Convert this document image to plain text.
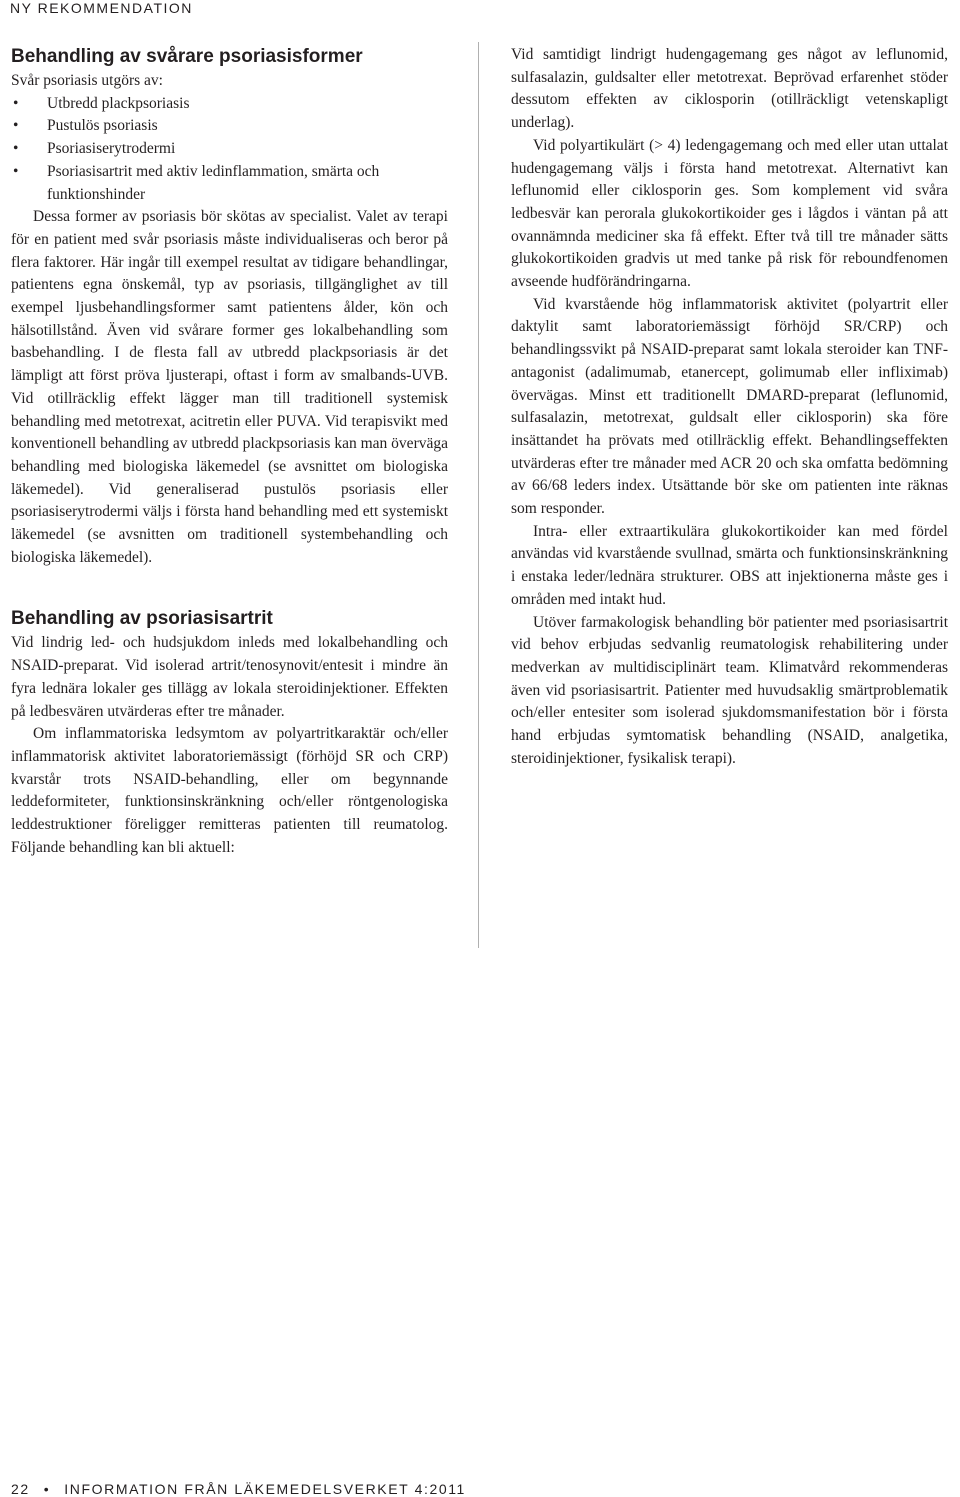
NY REKOMMENDATION
Behandling av svårare psoriasisformer

Svår psoriasis utgörs av:

• Utbredd plackpsoriasis
• Pustulös psoriasis
• Psoriasiserytrodermi
• Psoriasisartrit med aktiv ledinflammation, smärta och funktionshinder

Dessa former av psoriasis bör skötas av specialist. Valet av terapi för en patient med svår psoriasis måste individualiseras och beror på flera faktorer. Här ingår till exempel resultat av tidigare behandlingar, patientens egna önskemål, typ av psoriasis, tillgänglighet av till exempel ljusbehandlingsformer samt patientens ålder, kön och hälsotillstånd. Även vid svårare former ges lokalbehandling som basbehandling. I de flesta fall av utbredd plackpsoriasis är det lämpligt att först pröva ljusterapi, oftast i form av smalbands-UVB. Vid otillräcklig effekt lägger man till traditionell systemisk behandling med metotrexat, acitretin eller PUVA. Vid terapisvikt med konventionell behandling av utbredd plackpsoriasis kan man överväga behandling med biologiska läkemedel (se avsnittet om biologiska läkemedel). Vid generaliserad pustulös psoriasis eller psoriasiserytrodermi väljs i första hand behandling med ett systemiskt läkemedel (se avsnitten om traditionell systembehandling och biologiska läkemedel).

Behandling av psoriasisartrit

Vid lindrig led- och hudsjukdom inleds med lokalbehandling och NSAID-preparat. Vid isolerad artrit/tenosynovit/entesit i mindre än fyra lednära lokaler ges tillägg av lokala steroidinjektioner. Effekten på ledbesvären utvärderas efter tre månader.

Om inflammatoriska ledsymtom av polyartritkaraktär och/eller inflammatorisk aktivitet laboratoriemässigt (förhöjd SR och CRP) kvarstår trots NSAID-behandling, eller om begynnande leddeformiteter, funktionsinskränkning och/eller röntgenologiska leddestruktioner föreligger remitteras patienten till reumatolog. Följande behandling kan bli aktuell:

Vid samtidigt lindrigt hudengagemang ges något av leflunomid, sulfasalazin, guldsalter eller metotrexat. Beprövad erfarenhet stöder dessutom effekten av ciklosporin (otillräckligt vetenskapligt underlag).

Vid polyartikulärt (> 4) ledengagemang och med eller utan uttalat hudengagemang väljs i första hand metotrexat. Alternativt kan leflunomid eller ciklosporin ges. Som komplement vid svåra ledbesvär kan perorala glukokortikoider ges i lågdos i väntan på att ovannämnda mediciner ska få effekt. Efter två till tre månader sätts glukokortikoiden gradvis ut med tanke på risk för reboundfenomen avseende hudförändringarna.

Vid kvarstående hög inflammatorisk aktivitet (polyartrit eller daktylit samt laboratoriemässigt förhöjd SR/CRP) och behandlingssvikt på NSAID-preparat samt lokala steroider kan TNF-antagonist (adalimumab, etanercept, golimumab eller infliximab) övervägas. Minst ett traditionellt DMARD-preparat (leflunomid, sulfasalazin, metotrexat, guldsalt eller ciklosporin) ska före insättandet ha prövats med otillräcklig effekt. Behandlingseffekten utvärderas efter tre månader med ACR 20 och ska omfatta bedömning av 66/68 leders index. Utsättande bör ske om patienten inte räknas som responder.

Intra- eller extraartikulära glukokortikoider kan med fördel användas vid kvarstående svullnad, smärta och funktionsinskränkning i enstaka leder/lednära strukturer. OBS att injektionerna måste ges i områden med intakt hud.

Utöver farmakologisk behandling bör patienter med psoriasisartrit vid behov erbjudas sedvanlig reumatologisk rehabilitering under medverkan av multidisciplinärt team. Klimatvård rekommenderas även vid psoriasisartrit. Patienter med huvudsaklig smärtproblematik och/eller entesiter som isolerad sjukdomsmanifestation bör i första hand erbjudas symtomatisk behandling (NSAID, analgetika, steroidinjektioner, fysikalisk terapi).

22 • INFORMATION FRÅN LÄKEMEDELSVERKET 4:2011
